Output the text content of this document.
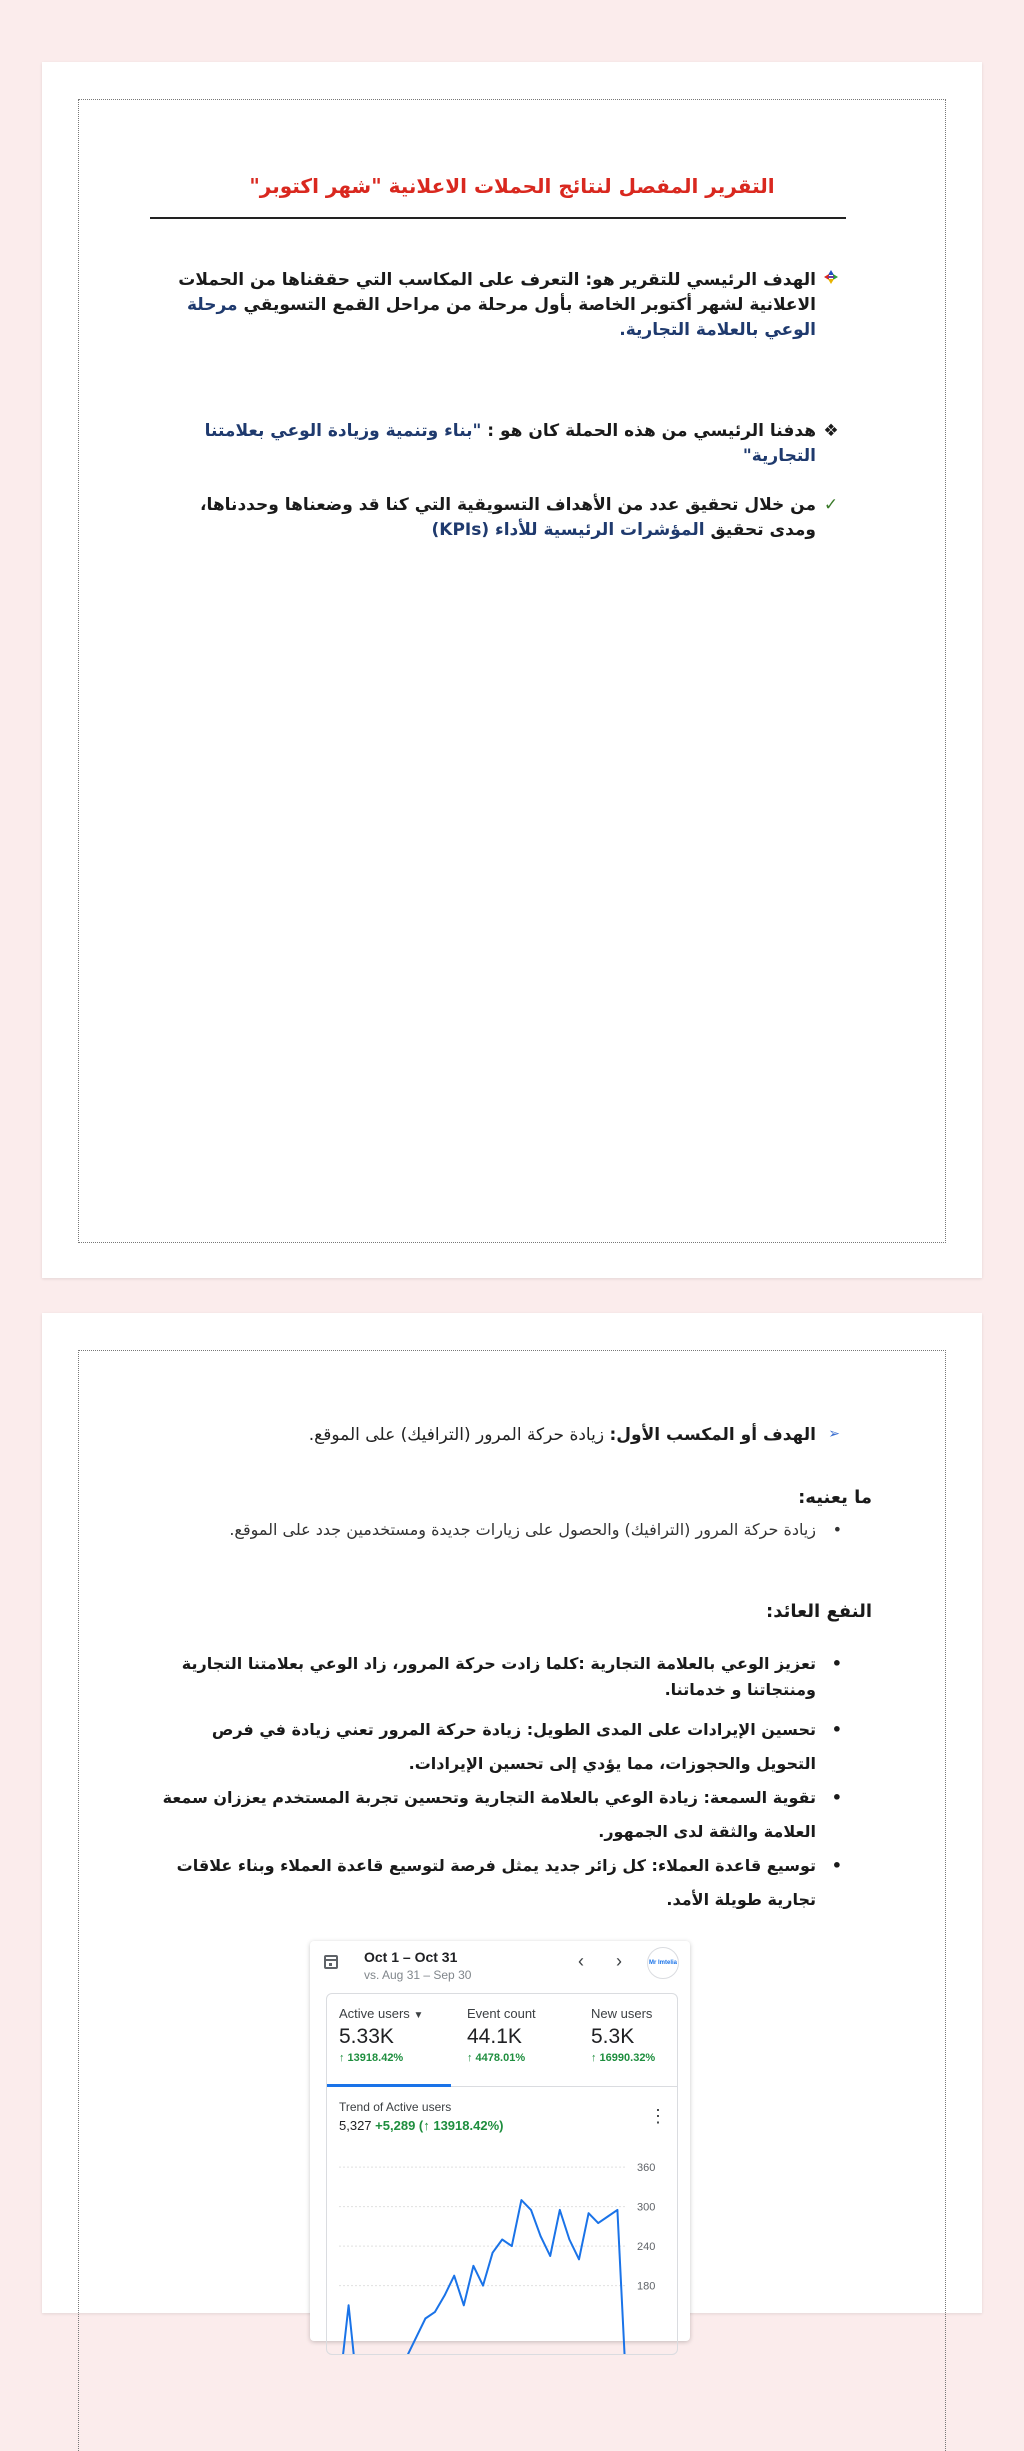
التقرير المفصل لنتائج الحملات الاعلانية "شهر اكتوبر"
الهدف الرئيسي للتقرير هو: التعرف على المكاسب التي حققناها من الحملات الاعلانية لشهر أكتوبر الخاصة بأول مرحلة من مراحل القمع التسويقي مرحلة الوعي بالعلامة التجارية.
❖
هدفنا الرئيسي من هذه الحملة كان هو : "بناء وتنمية وزيادة الوعي بعلامتنا التجارية"
✓
من خلال تحقيق عدد من الأهداف التسويقية التي كنا قد وضعناها وحددناها، ومدى تحقيق المؤشرات الرئيسية للأداء (KPIs)
➢
الهدف أو المكسب الأول: زيادة حركة المرور (الترافيك) على الموقع.
ما يعنيه:
•
زيادة حركة المرور (الترافيك) والحصول على زيارات جديدة ومستخدمين جدد على الموقع.
النفع العائد:
•
تعزيز الوعي بالعلامة التجارية :كلما زادت حركة المرور، زاد الوعي بعلامتنا التجارية ومنتجاتنا و خدماتنا.
•
تحسين الإيرادات على المدى الطويل: زيادة حركة المرور تعني زيادة في فرص التحويل والحجوزات، مما يؤدي إلى تحسين الإيرادات.
•
تقوية السمعة: زيادة الوعي بالعلامة التجارية وتحسين تجربة المستخدم يعززان سمعة العلامة والثقة لدى الجمهور.
•
توسيع قاعدة العملاء: كل زائر جديد يمثل فرصة لتوسيع قاعدة العملاء وبناء علاقات تجارية طويلة الأمد.
Oct 1 – Oct 31
vs. Aug 31 – Sep 30
‹ ›	Mr Imtelia
Active users ▼
5.33K
↑ 13918.42%
Event count
44.1K
↑ 4478.01%
New users
5.3K
↑ 16990.32%
Trend of Active users
5,327 +5,289 (↑ 13918.42%)	⋮
360
300
240
180
